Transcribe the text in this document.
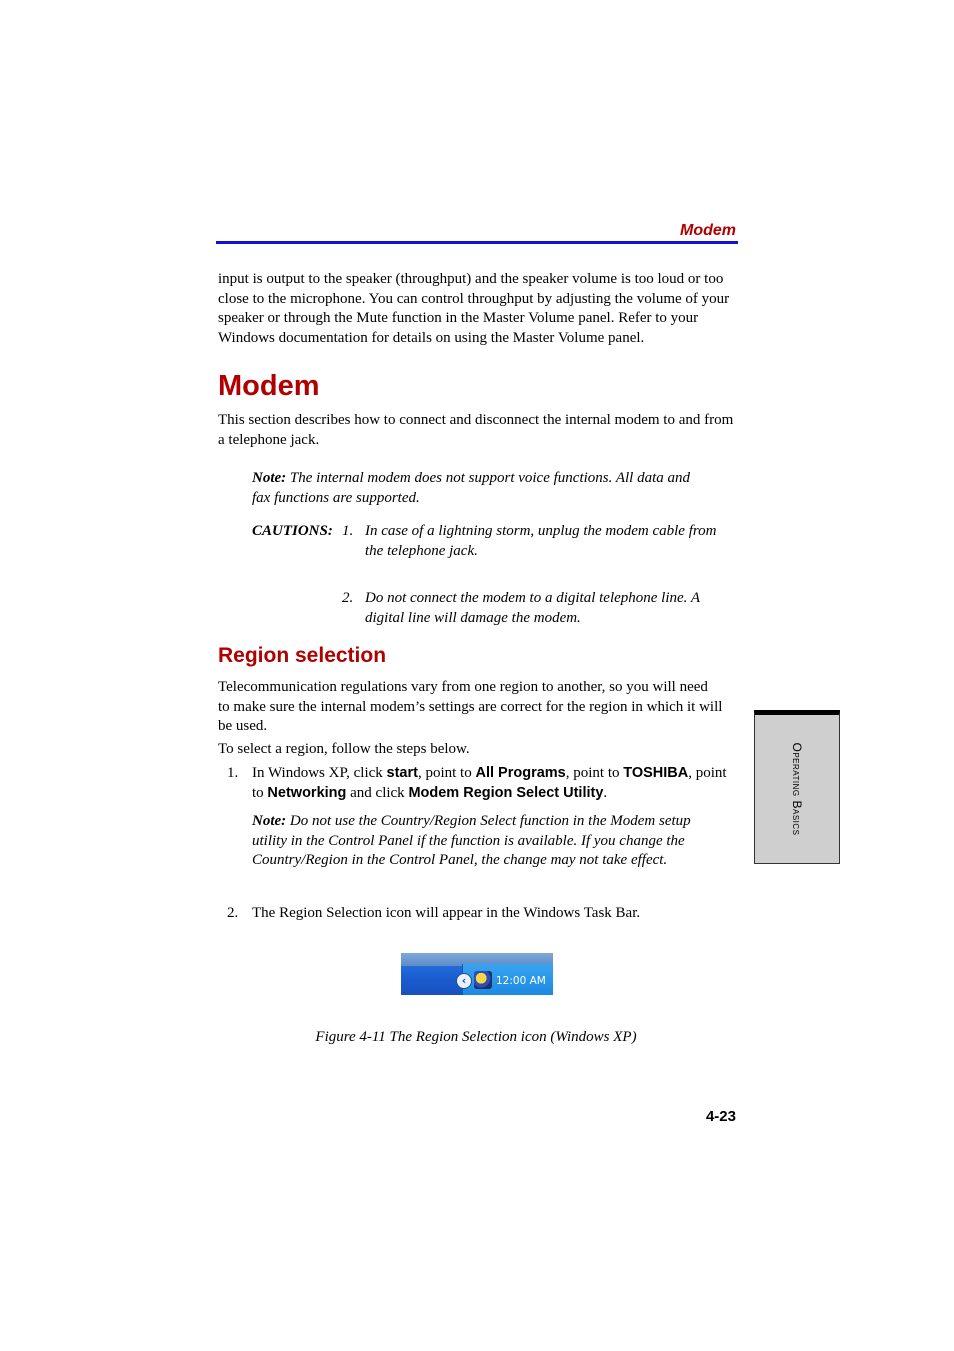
Modem
input is output to the speaker (throughput) and the speaker volume is too loud or too close to the microphone. You can control throughput by adjusting the volume of your speaker or through the Mute function in the Master Volume panel. Refer to your Windows documentation for details on using the Master Volume panel.
Modem
This section describes how to connect and disconnect the internal modem to and from a telephone jack.
Note: The internal modem does not support voice functions. All data and fax functions are supported.
CAUTIONS: 1. In case of a lightning storm, unplug the modem cable from the telephone jack.
2. Do not connect the modem to a digital telephone line. A digital line will damage the modem.
Region selection
Telecommunication regulations vary from one region to another, so you will need to make sure the internal modem’s settings are correct for the region in which it will be used.
To select a region, follow the steps below.
1. In Windows XP, click start, point to All Programs, point to TOSHIBA, point to Networking and click Modem Region Select Utility.
Note: Do not use the Country/Region Select function in the Modem setup utility in the Control Panel if the function is available. If you change the Country/Region in the Control Panel, the change may not take effect.
2. The Region Selection icon will appear in the Windows Task Bar.
‹	12:00 AM
Figure 4-11 The Region Selection icon (Windows XP)
Operating Basics
4-23
